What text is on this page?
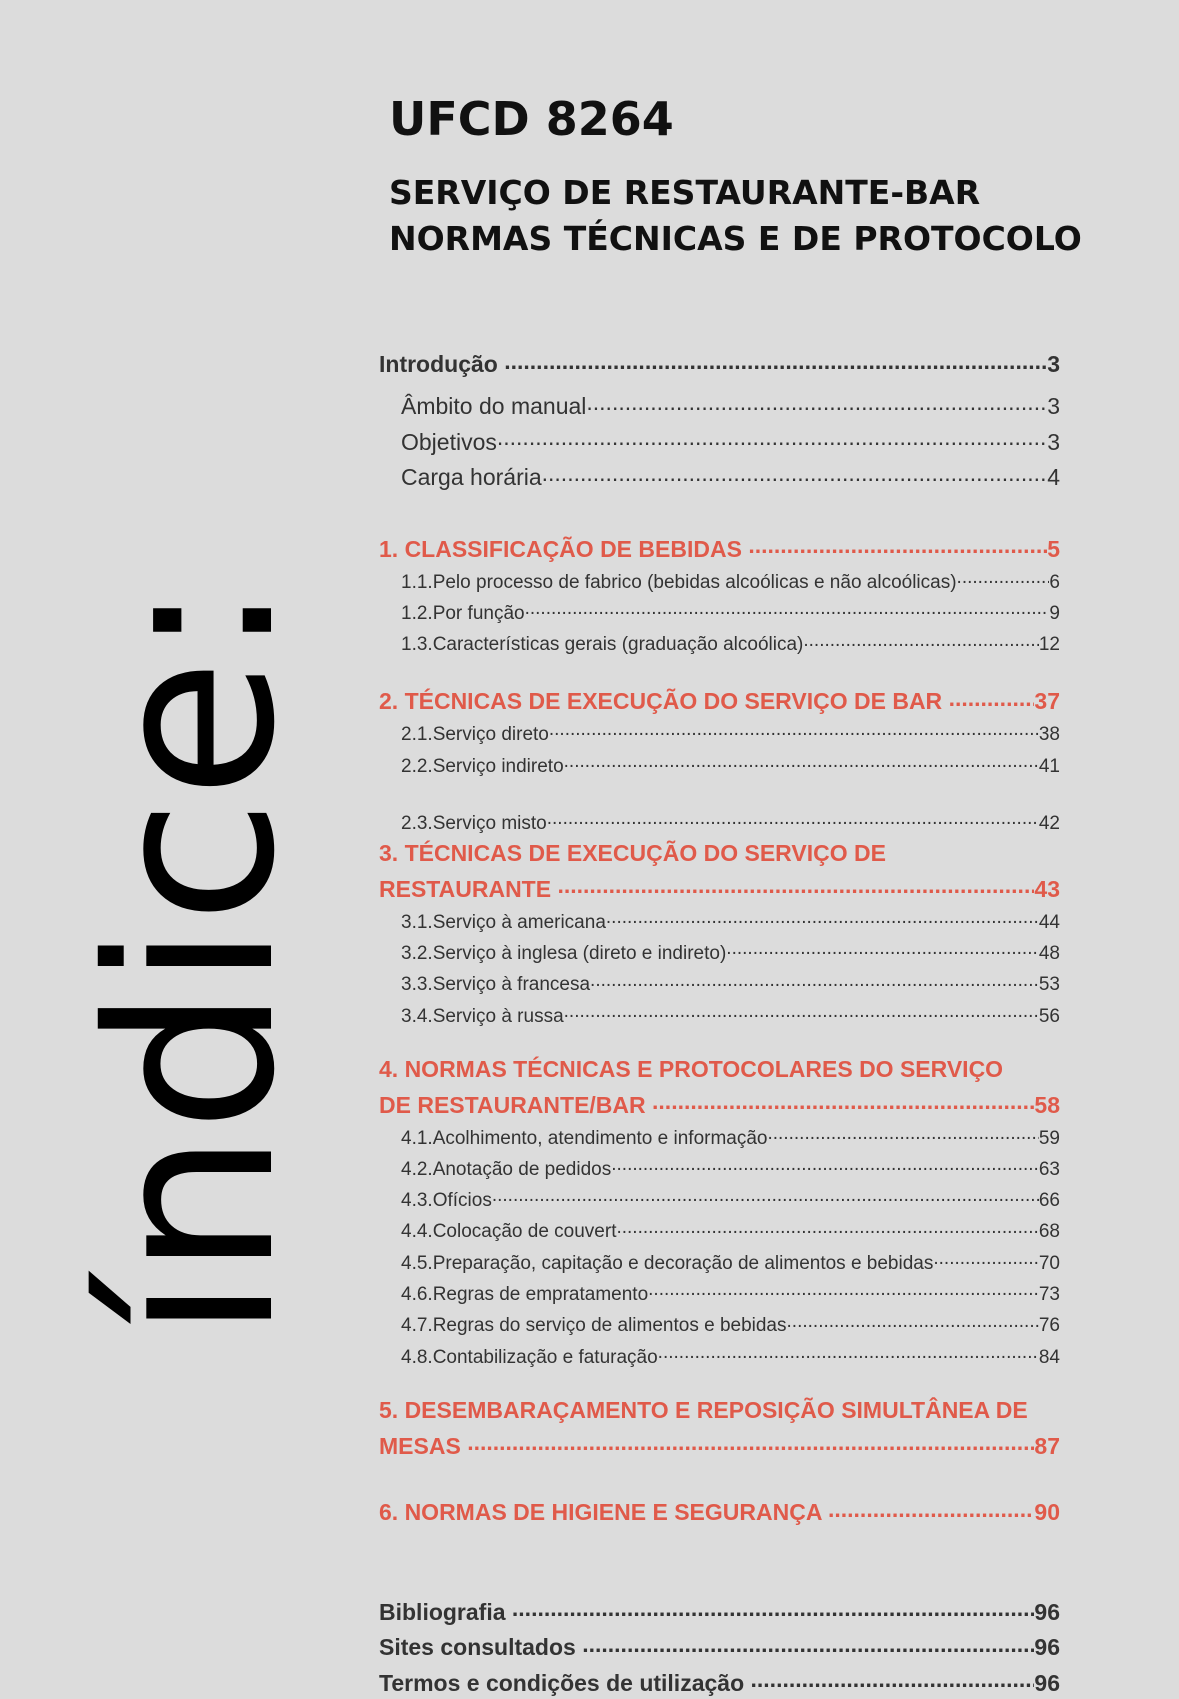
índice:
UFCD 8264
SERVIÇO DE RESTAURANTE-BAR
NORMAS TÉCNICAS E DE PROTOCOLO
Introdução .....	3
Âmbito do manual .....	3
Objetivos .....	3
Carga horária .....	4
1. CLASSIFICAÇÃO DE BEBIDAS .....	5
1.1.Pelo processo de fabrico (bebidas alcoólicas e não alcoólicas) .....	6
1.2.Por função .....	9
1.3.Características gerais (graduação alcoólica) .....	12
2. TÉCNICAS DE EXECUÇÃO DO SERVIÇO DE BAR .....	37
2.1.Serviço direto .....	38
2.2.Serviço indireto .....	41
2.3.Serviço misto .....	42
3. TÉCNICAS DE EXECUÇÃO DO SERVIÇO DE
RESTAURANTE .....	43
3.1.Serviço à americana .....	44
3.2.Serviço à inglesa (direto e indireto) .....	48
3.3.Serviço à francesa .....	53
3.4.Serviço à russa .....	56
4. NORMAS TÉCNICAS E PROTOCOLARES DO SERVIÇO
DE RESTAURANTE/BAR .....	58
4.1.Acolhimento, atendimento e informação .....	59
4.2.Anotação de pedidos .....	63
4.3.Ofícios .....	66
4.4.Colocação de couvert .....	68
4.5.Preparação, capitação e decoração de alimentos e bebidas .....	70
4.6.Regras de empratamento .....	73
4.7.Regras do serviço de alimentos e bebidas .....	76
4.8.Contabilização e faturação .....	84
5. DESEMBARAÇAMENTO E REPOSIÇÃO SIMULTÂNEA DE
MESAS .....	87
6. NORMAS DE HIGIENE E SEGURANÇA .....	90
Bibliografia .....	96
Sites consultados .....	96
Termos e condições de utilização .....	96
